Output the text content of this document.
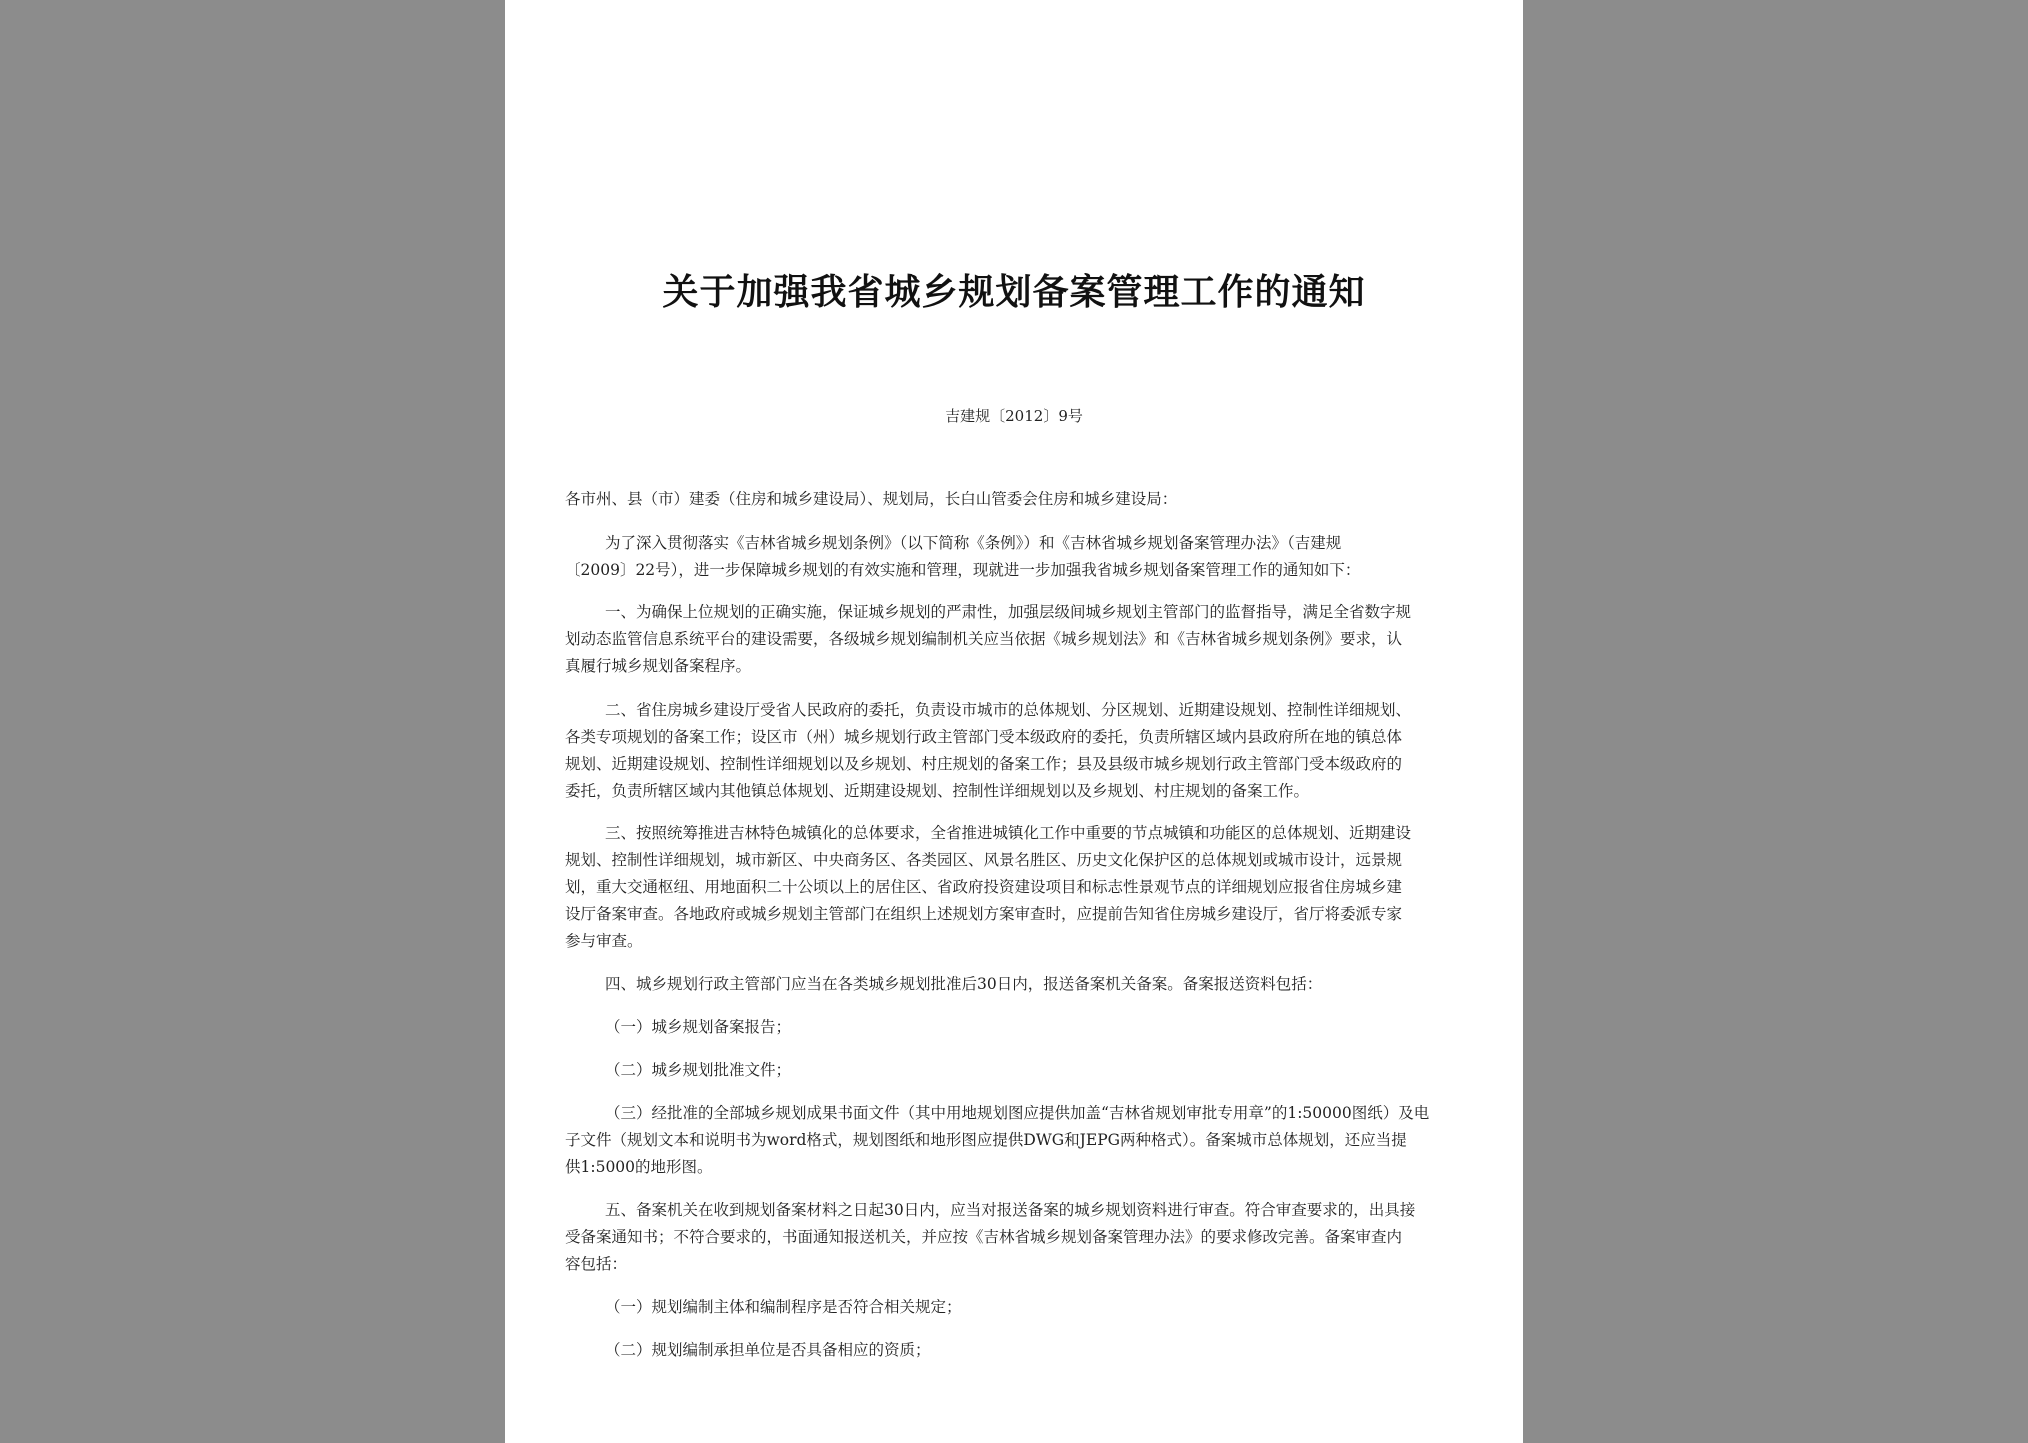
关于加强我省城乡规划备案管理工作的通知
吉建规〔2012〕9号
各市州、县（市）建委（住房和城乡建设局）、规划局，长白山管委会住房和城乡建设局：
为了深入贯彻落实《吉林省城乡规划条例》（以下简称《条例》）和《吉林省城乡规划备案管理办法》（吉建规
〔2009〕22号），进一步保障城乡规划的有效实施和管理，现就进一步加强我省城乡规划备案管理工作的通知如下：
一、为确保上位规划的正确实施，保证城乡规划的严肃性，加强层级间城乡规划主管部门的监督指导，满足全省数字规
划动态监管信息系统平台的建设需要，各级城乡规划编制机关应当依据《城乡规划法》和《吉林省城乡规划条例》要求，认
真履行城乡规划备案程序。
二、省住房城乡建设厅受省人民政府的委托，负责设市城市的总体规划、分区规划、近期建设规划、控制性详细规划、
各类专项规划的备案工作；设区市（州）城乡规划行政主管部门受本级政府的委托，负责所辖区域内县政府所在地的镇总体
规划、近期建设规划、控制性详细规划以及乡规划、村庄规划的备案工作；县及县级市城乡规划行政主管部门受本级政府的
委托，负责所辖区域内其他镇总体规划、近期建设规划、控制性详细规划以及乡规划、村庄规划的备案工作。
三、按照统筹推进吉林特色城镇化的总体要求，全省推进城镇化工作中重要的节点城镇和功能区的总体规划、近期建设
规划、控制性详细规划，城市新区、中央商务区、各类园区、风景名胜区、历史文化保护区的总体规划或城市设计，远景规
划，重大交通枢纽、用地面积二十公顷以上的居住区、省政府投资建设项目和标志性景观节点的详细规划应报省住房城乡建
设厅备案审查。各地政府或城乡规划主管部门在组织上述规划方案审查时，应提前告知省住房城乡建设厅，省厅将委派专家
参与审查。
四、城乡规划行政主管部门应当在各类城乡规划批准后30日内，报送备案机关备案。备案报送资料包括：
（一）城乡规划备案报告；
（二）城乡规划批准文件；
（三）经批准的全部城乡规划成果书面文件（其中用地规划图应提供加盖“吉林省规划审批专用章”的1:50000图纸）及电
子文件（规划文本和说明书为word格式，规划图纸和地形图应提供DWG和JEPG两种格式）。备案城市总体规划，还应当提
供1:5000的地形图。
五、备案机关在收到规划备案材料之日起30日内，应当对报送备案的城乡规划资料进行审查。符合审查要求的，出具接
受备案通知书；不符合要求的，书面通知报送机关，并应按《吉林省城乡规划备案管理办法》的要求修改完善。备案审查内
容包括：
（一）规划编制主体和编制程序是否符合相关规定；
（二）规划编制承担单位是否具备相应的资质；
